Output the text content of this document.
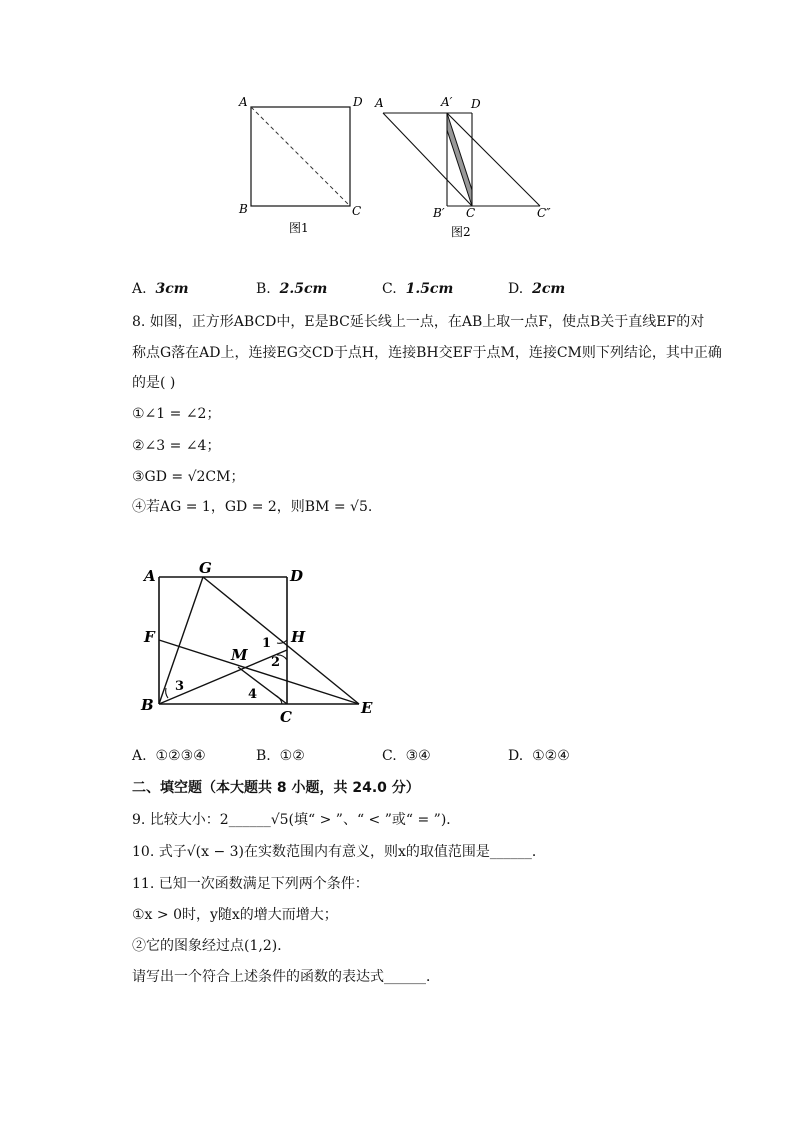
A	D
B	C
图1
A	A′ D
B′ C	C″
图2
A. 3cm	B. 2.5cm	C. 1.5cm	D. 2cm
8. 如图，正方形ABCD中，E是BC延长线上一点，在AB上取一点F，使点B关于直线EF的对
称点G落在AD上，连接EG交CD于点H，连接BH交EF于点M，连接CM则下列结论，其中正确
的是( )
①∠1 = ∠2；
②∠3 = ∠4；
③GD = √2CM；
④若AG = 1，GD = 2，则BM = √5.
A	G	D
F	H
M
B
C	E
1
2
3
4
A. ①②③④	B. ①②	C. ③④	D. ①②④
二、填空题（本大题共 8 小题，共 24.0 分）
9. 比较大小：2______√5(填“ > ”、“ < ”或“ = ”)．
10. 式子√(x − 3)在实数范围内有意义，则x的取值范围是______．
11. 已知一次函数满足下列两个条件：
①x > 0时，y随x的增大而增大；
②它的图象经过点(1,2)．
请写出一个符合上述条件的函数的表达式______．
